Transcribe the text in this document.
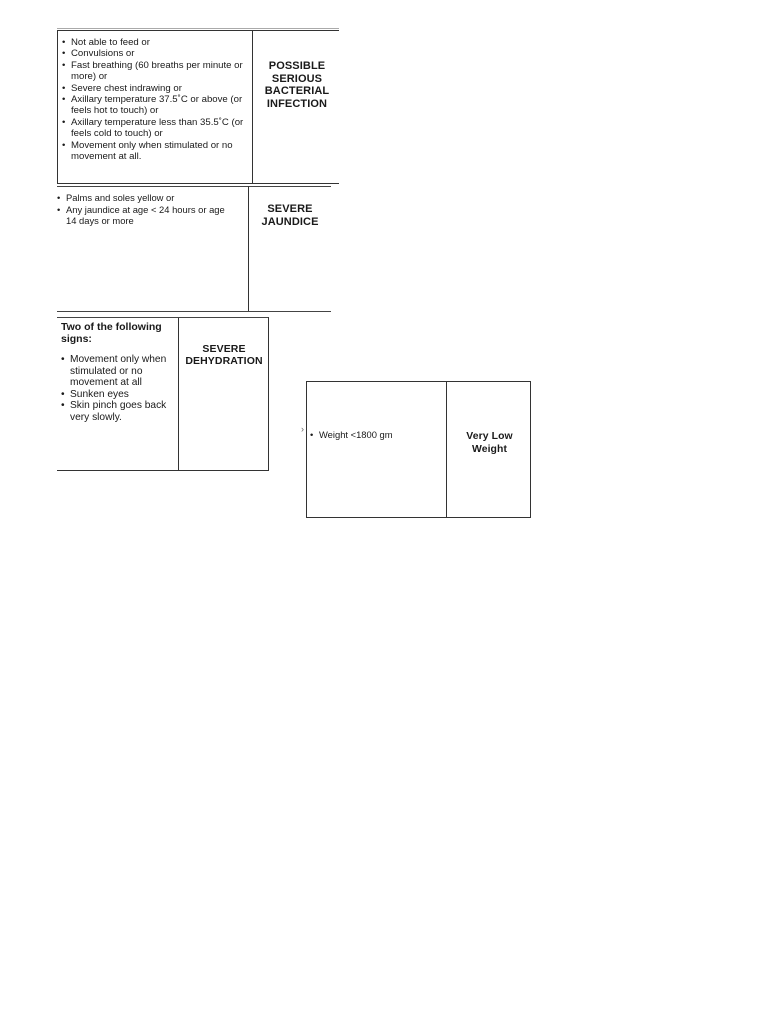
• Not able to feed or
• Convulsions or
• Fast breathing (60 breaths per minute or more) or
• Severe chest indrawing or
• Axillary temperature 37.5˚C or above (or feels hot to touch) or
• Axillary temperature less than 35.5˚C (or feels cold to touch) or
• Movement only when stimulated or no movement at all.
POSSIBLE
SERIOUS
BACTERIAL
INFECTION
• Palms and soles yellow or
• Any jaundice at age < 24 hours or age 14 days or more
SEVERE
JAUNDICE
Two of the following signs:
• Movement only when stimulated or no movement at all
• Sunken eyes
• Skin pinch goes back very slowly.
SEVERE
DEHYDRATION
›
•	Weight <1800 gm	Very Low Weight
